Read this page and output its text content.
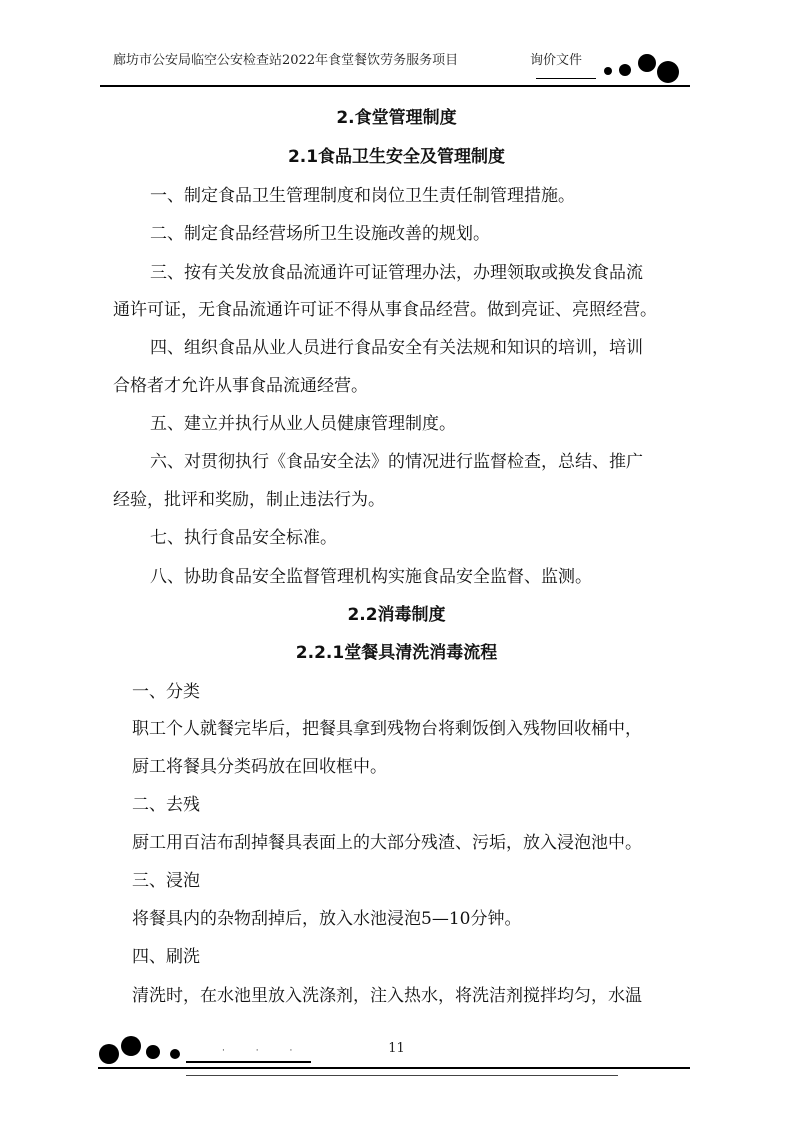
廊坊市公安局临空公安检查站2022年食堂餐饮劳务服务项目	询价文件
2.食堂管理制度
2.1食品卫生安全及管理制度
一、制定食品卫生管理制度和岗位卫生责任制管理措施。
二、制定食品经营场所卫生设施改善的规划。
三、按有关发放食品流通许可证管理办法，办理领取或换发食品流
通许可证，无食品流通许可证不得从事食品经营。做到亮证、亮照经营。
四、组织食品从业人员进行食品安全有关法规和知识的培训，培训
合格者才允许从事食品流通经营。
五、建立并执行从业人员健康管理制度。
六、对贯彻执行《食品安全法》的情况进行监督检查，总结、推广
经验，批评和奖励，制止违法行为。
七、执行食品安全标准。
八、协助食品安全监督管理机构实施食品安全监督、监测。
2.2消毒制度
2.2.1堂餐具清洗消毒流程
一、分类
职工个人就餐完毕后，把餐具拿到残物台将剩饭倒入残物回收桶中，
厨工将餐具分类码放在回收框中。
二、去残
厨工用百洁布刮掉餐具表面上的大部分残渣、污垢，放入浸泡池中。
三、浸泡
将餐具内的杂物刮掉后，放入水池浸泡5—10分钟。
四、刷洗
清洗时，在水池里放入洗涤剂，注入热水，将洗洁剂搅拌均匀，水温
· · ·	11
